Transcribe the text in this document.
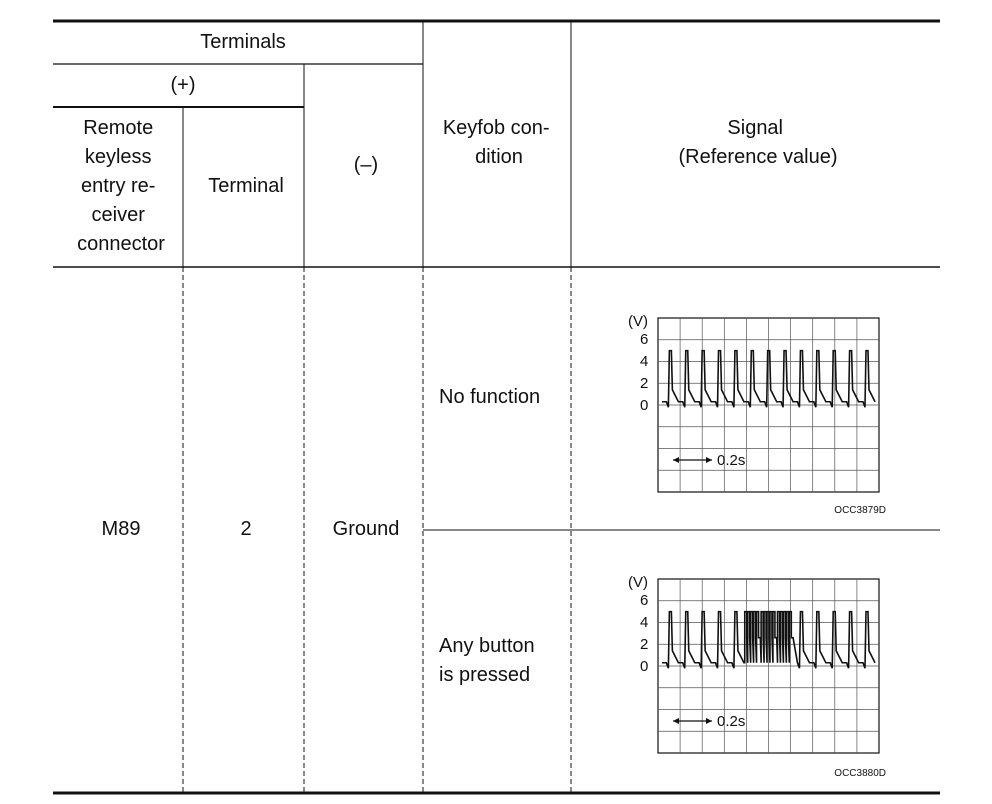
Terminals
(+)
(–)
Remote keyless entry re- ceiver connector
Terminal
Keyfob con- dition
Signal (Reference value)
M89	2	Ground
No function
Any button is pressed
(V)
6
4
2
0
0.2s
OCC3879D
(V)
6
4
2
0
0.2s
OCC3880D
